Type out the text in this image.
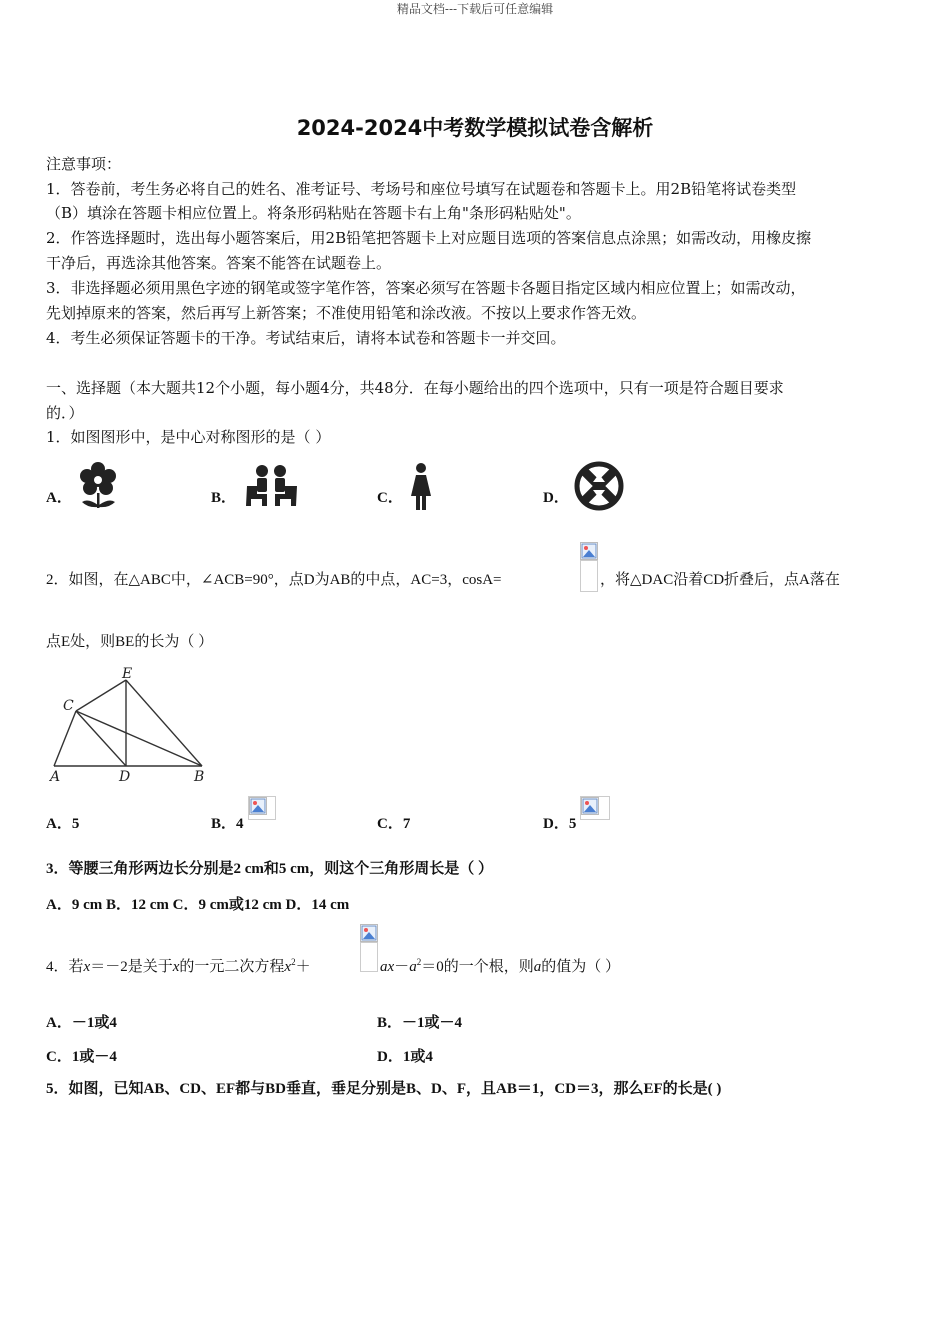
精品文档---下载后可任意编辑
2024-2024中考数学模拟试卷含解析
注意事项：
1．答卷前，考生务必将自己的姓名、准考证号、考场号和座位号填写在试题卷和答题卡上。用2B铅笔将试卷类型
（B）填涂在答题卡相应位置上。将条形码粘贴在答题卡右上角"条形码粘贴处"。
2．作答选择题时，选出每小题答案后，用2B铅笔把答题卡上对应题目选项的答案信息点涂黑；如需改动，用橡皮擦
干净后，再选涂其他答案。答案不能答在试题卷上。
3．非选择题必须用黑色字迹的钢笔或签字笔作答，答案必须写在答题卡各题目指定区域内相应位置上；如需改动，
先划掉原来的答案，然后再写上新答案；不准使用铅笔和涂改液。不按以上要求作答无效。
4．考生必须保证答题卡的干净。考试结束后，请将本试卷和答题卡一并交回。
一、选择题（本大题共12个小题，每小题4分，共48分．在每小题给出的四个选项中，只有一项是符合题目要求
的．）
1．如图图形中，是中心对称图形的是（ ）
A．	B．	C．	D．
2．如图，在△ABC中，∠ACB=90°，点D为AB的中点，AC=3，cosA=	，将△DAC沿着CD折叠后，点A落在
点E处，则BE的长为（ ）
E
C
A	D	B
A．5	B．4	C．7	D．5
3．等腰三角形两边长分别是2 cm和5 cm，则这个三角形周长是（ ）
A．9 cm B．12 cm C．9 cm或12 cm D．14 cm
4．若x＝－2是关于x的一元二次方程$x^2+$	$ax-a^2=0$的一个根，则a的值为（ ）
A．－1或4	B．－1或－4
C．1或－4	D．1或4
5．如图，已知AB、CD、EF都与BD垂直，垂足分别是B、D、F，且AB＝1，CD＝3，那么EF的长是( )
